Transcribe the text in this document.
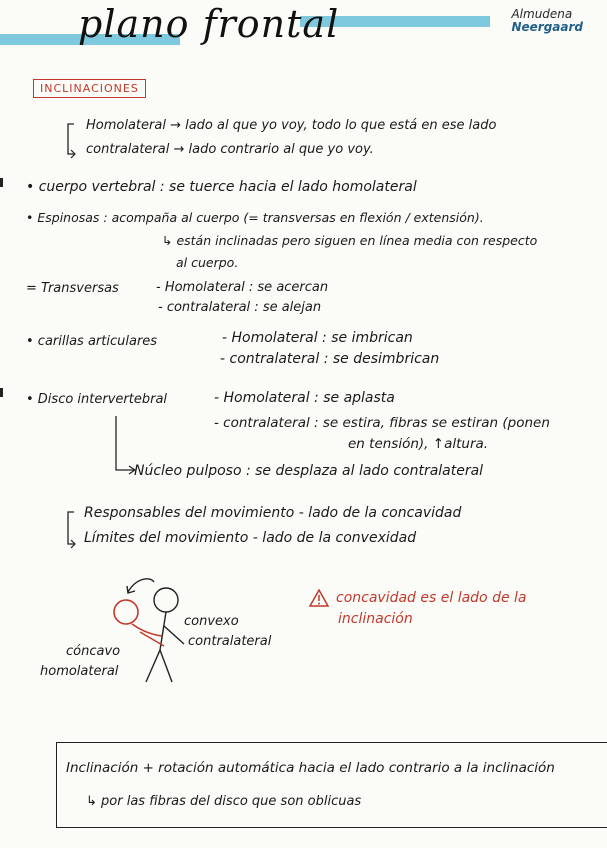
plano frontal	Almudena
Neergaard
INCLINACIONES
Homolateral → lado al que yo voy, todo lo que está en ese lado
contralateral → lado contrario al que yo voy.
• cuerpo vertebral : se tuerce hacia el lado homolateral
• Espinosas : acompaña al cuerpo (= transversas en flexión / extensión).
↳ están inclinadas pero siguen en línea media con respecto
al cuerpo.
= Transversas	- Homolateral : se acercan
- contralateral : se alejan
• carillas articulares	- Homolateral : se imbrican
- contralateral : se desimbrican
• Disco intervertebral	- Homolateral : se aplasta
- contralateral : se estira, fibras se estiran (ponen
en tensión), ↑altura.
Núcleo pulposo : se desplaza al lado contralateral
Responsables del movimiento - lado de la concavidad
Límites del movimiento - lado de la convexidad
convexo
contralateral
cóncavo
homolateral
concavidad es el lado de la
inclinación
Inclinación + rotación automática hacia el lado contrario a la inclinación
↳ por las fibras del disco que son oblicuas
